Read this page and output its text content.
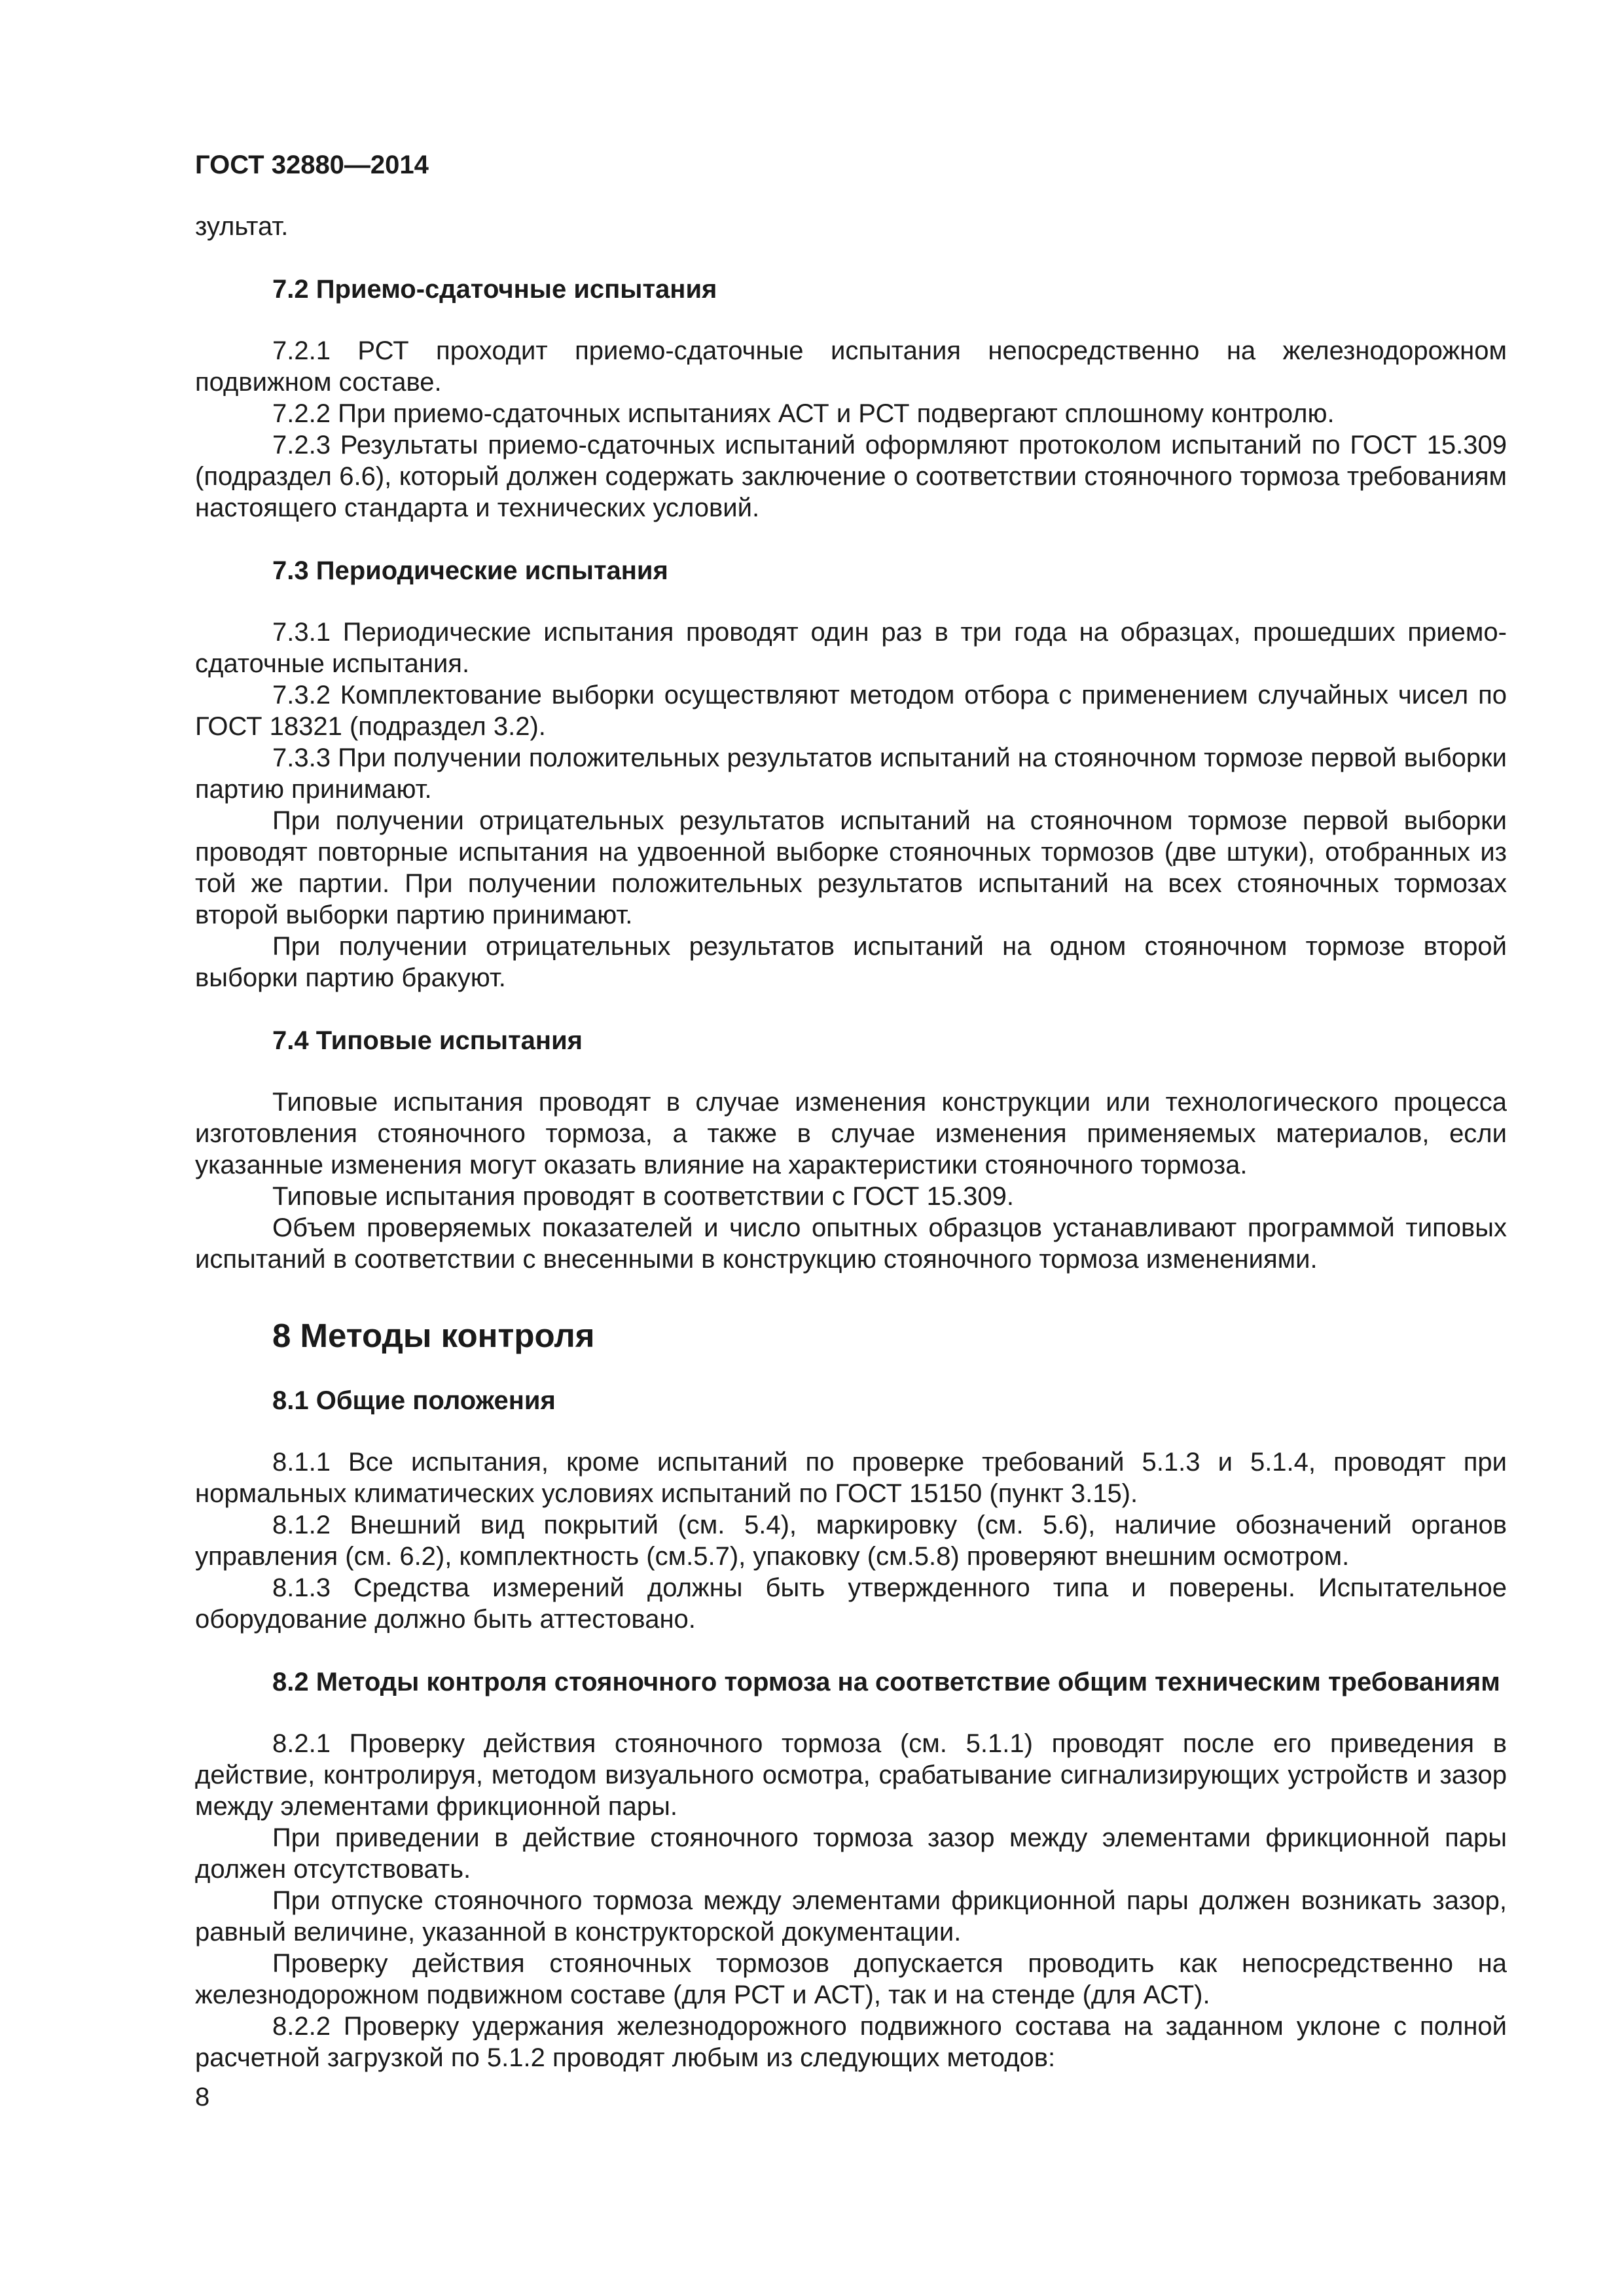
ГОСТ 32880—2014

зультат.

7.2 Приемо-сдаточные испытания

7.2.1 РСТ проходит приемо-сдаточные испытания непосредственно на железнодорожном подвижном составе.

7.2.2 При приемо-сдаточных испытаниях АСТ и РСТ подвергают сплошному контролю.

7.2.3 Результаты приемо-сдаточных испытаний оформляют протоколом испытаний по ГОСТ 15.309 (подраздел 6.6), который должен содержать заключение о соответствии стояночного тормоза требованиям настоящего стандарта и технических условий.

7.3 Периодические испытания

7.3.1 Периодические испытания проводят один раз в три года на образцах, прошедших приемо-сдаточные испытания.

7.3.2 Комплектование выборки осуществляют методом отбора с применением случайных чисел по ГОСТ 18321 (подраздел 3.2).

7.3.3 При получении положительных результатов испытаний на стояночном тормозе первой выборки партию принимают.

При получении отрицательных результатов испытаний на стояночном тормозе первой выборки проводят повторные испытания на удвоенной выборке стояночных тормозов (две штуки), отобранных из той же партии. При получении положительных результатов испытаний на всех стояночных тормозах второй выборки партию принимают.

При получении отрицательных результатов испытаний на одном стояночном тормозе второй выборки партию бракуют.

7.4 Типовые испытания

Типовые испытания проводят в случае изменения конструкции или технологического процесса изготовления стояночного тормоза, а также в случае изменения применяемых материалов, если указанные изменения могут оказать влияние на характеристики стояночного тормоза.

Типовые испытания проводят в соответствии с ГОСТ 15.309.

Объем проверяемых показателей и число опытных образцов устанавливают программой типовых испытаний в соответствии с внесенными в конструкцию стояночного тормоза изменениями.

8 Методы контроля
8.1 Общие положения

8.1.1 Все испытания, кроме испытаний по проверке требований 5.1.3 и 5.1.4, проводят при нормальных климатических условиях испытаний по ГОСТ 15150 (пункт 3.15).

8.1.2 Внешний вид покрытий (см. 5.4), маркировку (см. 5.6), наличие обозначений органов управления (см. 6.2), комплектность (см.5.7), упаковку (см.5.8) проверяют внешним осмотром.

8.1.3 Средства измерений должны быть утвержденного типа и поверены. Испытательное оборудование должно быть аттестовано.

8.2 Методы контроля стояночного тормоза на соответствие общим техническим требованиям

8.2.1 Проверку действия стояночного тормоза (см. 5.1.1) проводят после его приведения в действие, контролируя, методом визуального осмотра, срабатывание сигнализирующих устройств и зазор между элементами фрикционной пары.

При приведении в действие стояночного тормоза зазор между элементами фрикционной пары должен отсутствовать.

При отпуске стояночного тормоза между элементами фрикционной пары должен возникать зазор, равный величине, указанной в конструкторской документации.

Проверку действия стояночных тормозов допускается проводить как непосредственно на железнодорожном подвижном составе (для РСТ и АСТ), так и на стенде (для АСТ).

8.2.2 Проверку удержания железнодорожного подвижного состава на заданном уклоне с полной расчетной загрузкой по 5.1.2 проводят любым из следующих методов:

8
